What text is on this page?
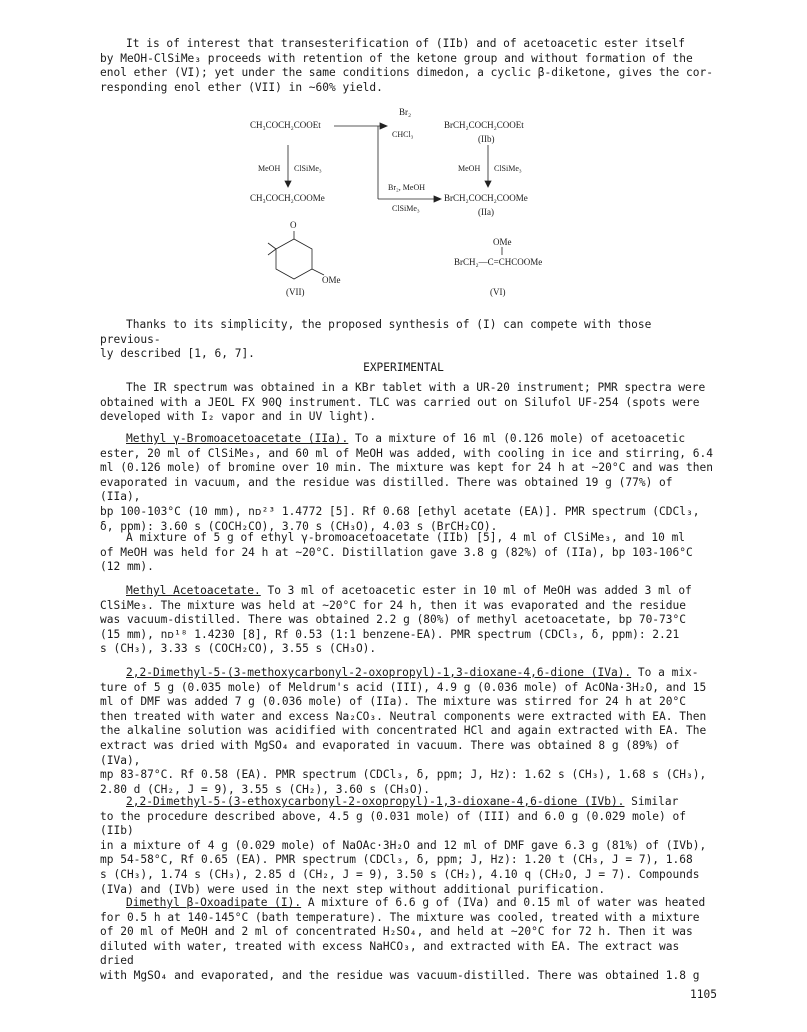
It is of interest that transesterification of (IIb) and of acetoacetic ester itself
by MeOH-ClSiMe₃ proceeds with retention of the ketone group and without formation of the
enol ether (VI); yet under the same conditions dimedon, a cyclic β-diketone, gives the cor-
responding enol ether (VII) in ~60% yield.

CH₃COCH₂COOEt
Br₂
CHCl₃
BrCH₂COCH₂COOEt
(IIb)
MeOH ClSiMe₃	MeOH ClSiMe₃
CH₃COCH₂COOMe
Br₂, MeOH
ClSiMe₃
BrCH₂COCH₂COOMe
(IIa)
O
OMe
(VII)
OMe
BrCH₂—C=CHCOOMe
(VI)

Thanks to its simplicity, the proposed synthesis of (I) can compete with those previous-
ly described [1, 6, 7].

EXPERIMENTAL

The IR spectrum was obtained in a KBr tablet with a UR-20 instrument; PMR spectra were
obtained with a JEOL FX 90Q instrument. TLC was carried out on Silufol UF-254 (spots were
developed with I₂ vapor and in UV light).

Methyl γ-Bromoacetoacetate (IIa). To a mixture of 16 ml (0.126 mole) of acetoacetic
ester, 20 ml of ClSiMe₃, and 60 ml of MeOH was added, with cooling in ice and stirring, 6.4
ml (0.126 mole) of bromine over 10 min. The mixture was kept for 24 h at ~20°C and was then
evaporated in vacuum, and the residue was distilled. There was obtained 19 g (77%) of (IIa),
bp 100-103°C (10 mm), nᴅ²³ 1.4772 [5]. Rf 0.68 [ethyl acetate (EA)]. PMR spectrum (CDCl₃,
δ, ppm): 3.60 s (COCH₂CO), 3.70 s (CH₃O), 4.03 s (BrCH₂CO).

A mixture of 5 g of ethyl γ-bromoacetoacetate (IIb) [5], 4 ml of ClSiMe₃, and 10 ml
of MeOH was held for 24 h at ~20°C. Distillation gave 3.8 g (82%) of (IIa), bp 103-106°C
(12 mm).

Methyl Acetoacetate. To 3 ml of acetoacetic ester in 10 ml of MeOH was added 3 ml of
ClSiMe₃. The mixture was held at ~20°C for 24 h, then it was evaporated and the residue
was vacuum-distilled. There was obtained 2.2 g (80%) of methyl acetoacetate, bp 70-73°C
(15 mm), nᴅ¹⁸ 1.4230 [8], Rf 0.53 (1:1 benzene-EA). PMR spectrum (CDCl₃, δ, ppm): 2.21
s (CH₃), 3.33 s (COCH₂CO), 3.55 s (CH₃O).

2,2-Dimethyl-5-(3-methoxycarbonyl-2-oxopropyl)-1,3-dioxane-4,6-dione (IVa). To a mix-
ture of 5 g (0.035 mole) of Meldrum's acid (III), 4.9 g (0.036 mole) of AcONa·3H₂O, and 15
ml of DMF was added 7 g (0.036 mole) of (IIa). The mixture was stirred for 24 h at 20°C
then treated with water and excess Na₂CO₃. Neutral components were extracted with EA. Then
the alkaline solution was acidified with concentrated HCl and again extracted with EA. The
extract was dried with MgSO₄ and evaporated in vacuum. There was obtained 8 g (89%) of (IVa),
mp 83-87°C. Rf 0.58 (EA). PMR spectrum (CDCl₃, δ, ppm; J, Hz): 1.62 s (CH₃), 1.68 s (CH₃),
2.80 d (CH₂, J = 9), 3.55 s (CH₂), 3.60 s (CH₃O).

2,2-Dimethyl-5-(3-ethoxycarbonyl-2-oxopropyl)-1,3-dioxane-4,6-dione (IVb). Similar
to the procedure described above, 4.5 g (0.031 mole) of (III) and 6.0 g (0.029 mole) of (IIb)
in a mixture of 4 g (0.029 mole) of NaOAc·3H₂O and 12 ml of DMF gave 6.3 g (81%) of (IVb),
mp 54-58°C, Rf 0.65 (EA). PMR spectrum (CDCl₃, δ, ppm; J, Hz): 1.20 t (CH₃, J = 7), 1.68
s (CH₃), 1.74 s (CH₃), 2.85 d (CH₂, J = 9), 3.50 s (CH₂), 4.10 q (CH₂O, J = 7). Compounds
(IVa) and (IVb) were used in the next step without additional purification.

Dimethyl β-Oxoadipate (I). A mixture of 6.6 g of (IVa) and 0.15 ml of water was heated
for 0.5 h at 140-145°C (bath temperature). The mixture was cooled, treated with a mixture
of 20 ml of MeOH and 2 ml of concentrated H₂SO₄, and held at ~20°C for 72 h. Then it was
diluted with water, treated with excess NaHCO₃, and extracted with EA. The extract was dried
with MgSO₄ and evaporated, and the residue was vacuum-distilled. There was obtained 1.8 g

1105
